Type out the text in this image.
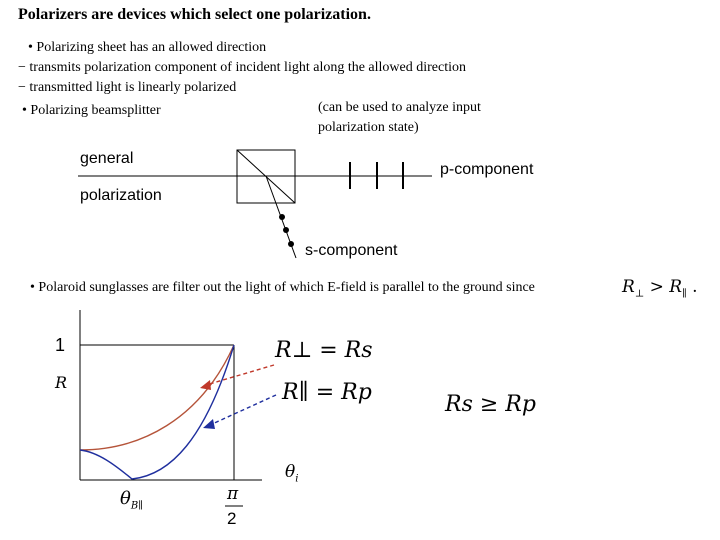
Polarizers are devices which select one polarization.
• Polarizing sheet has an allowed direction
− transmits polarization component of incident light along the allowed direction
− transmitted light is linearly polarized
• Polarizing beamsplitter	(can be used to analyze input
polarization state)
general
polarization
p-component
s-component
• Polaroid sunglasses are filter out the light of which E-field is parallel to the ground since	$R_\perp > R_\parallel$ .
1
R
$\theta_i$
$\theta_{B\parallel}$
π
2
R⊥ = Rs
R∥ = Rp	Rs ≥ Rp
